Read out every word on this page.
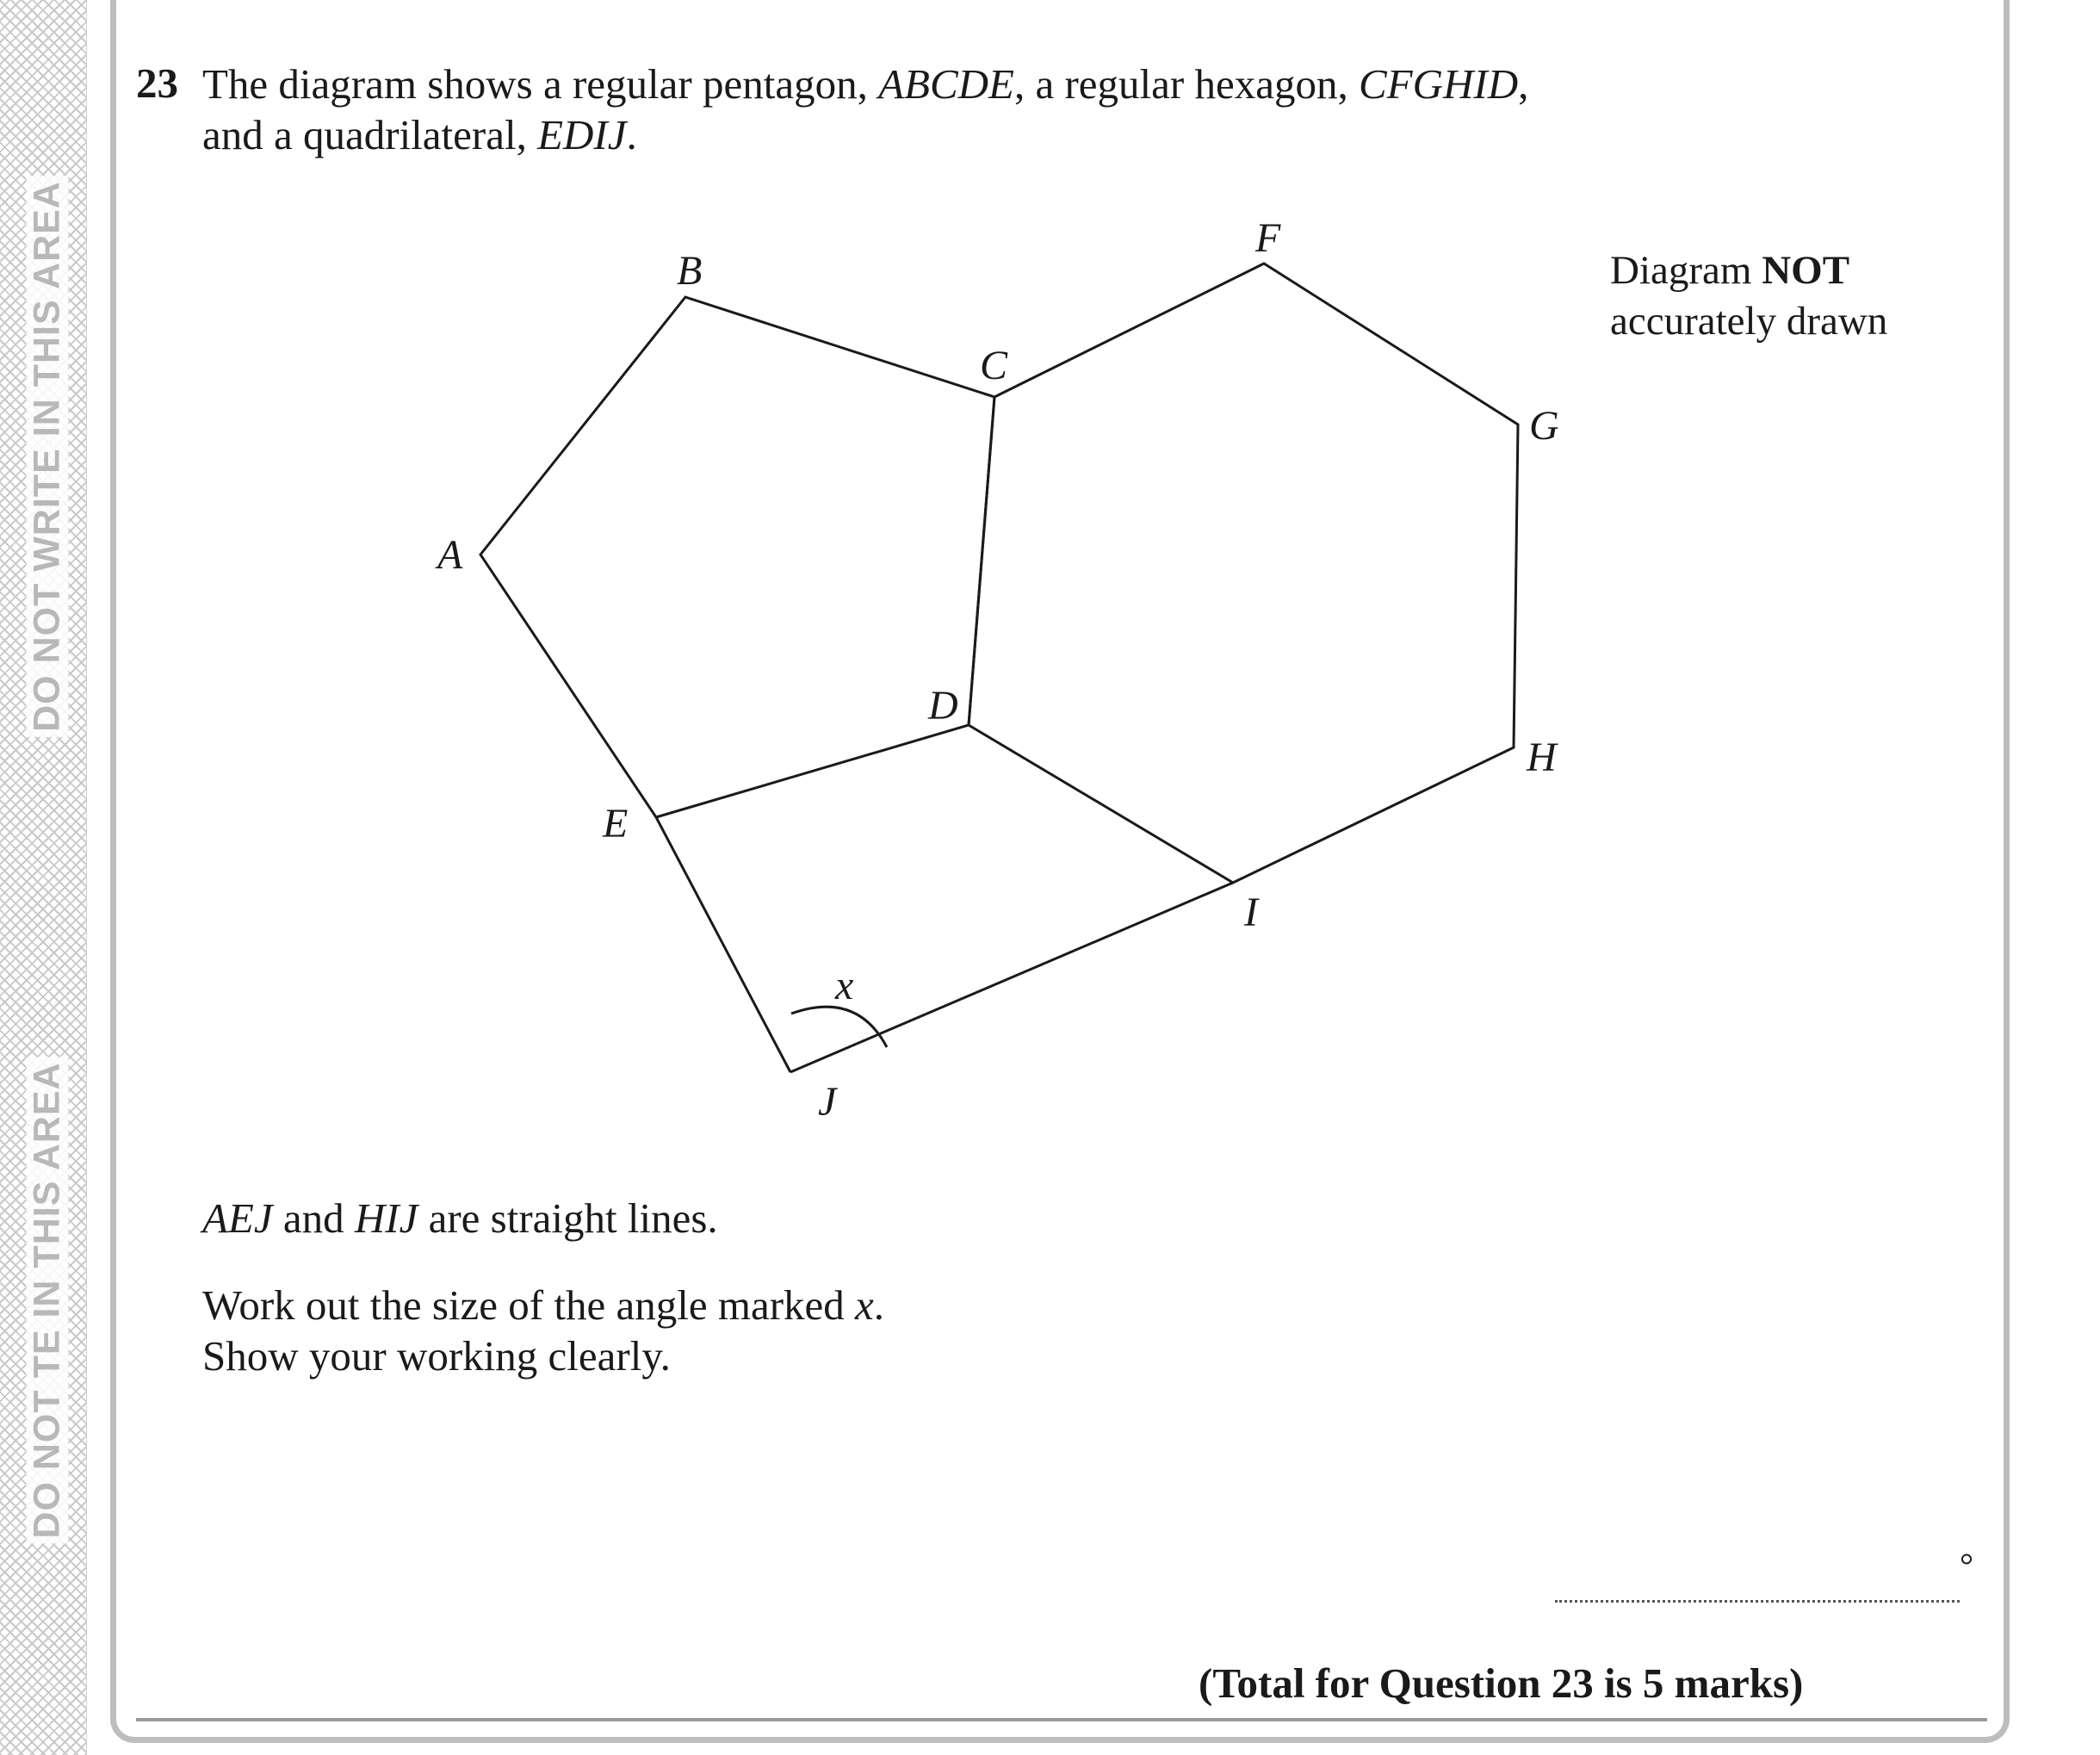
DO NOT WRITE IN THIS AREA
DO NOT TE IN THIS AREA
23 The diagram shows a regular pentagon, ABCDE, a regular hexagon, CFGHID,
and a quadrilateral, EDIJ.
Diagram NOT
accurately drawn
B
C
F
G
A
D
H
E
I
x
J
AEJ and HIJ are straight lines.
Work out the size of the angle marked x.
Show your working clearly.
°
(Total for Question 23 is 5 marks)
